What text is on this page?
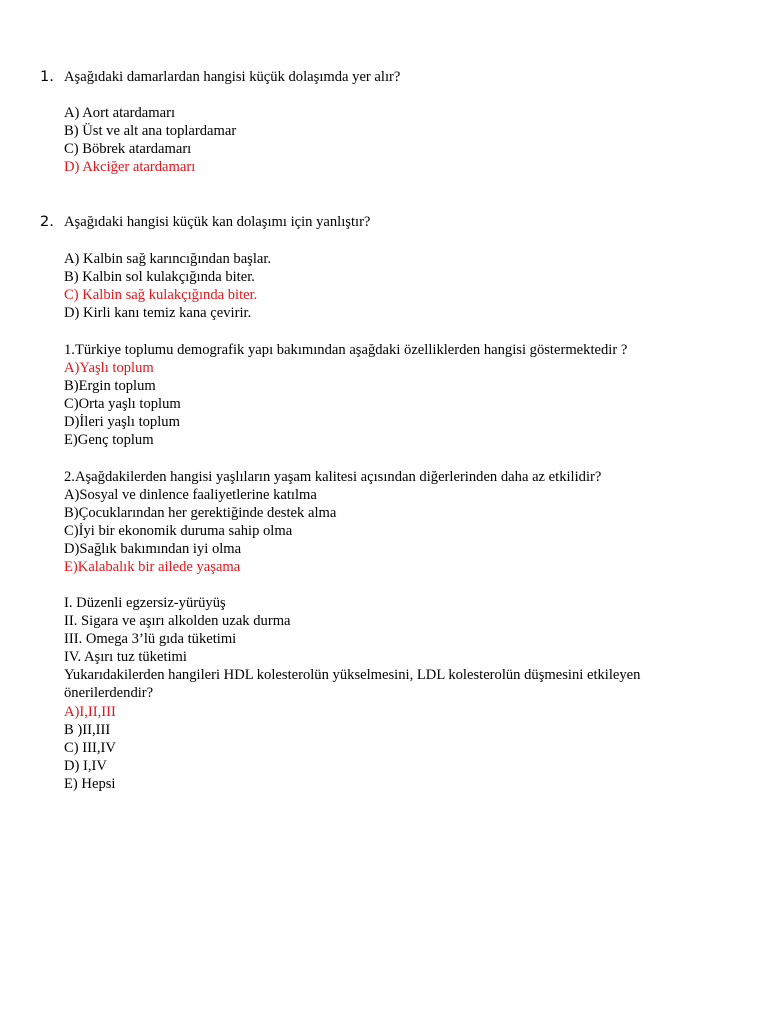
1. Aşağıdaki damarlardan hangisi küçük dolaşımda yer alır?
A) Aort atardamarı
B) Üst ve alt ana toplardamar
C) Böbrek atardamarı
D) Akciğer atardamarı
2. Aşağıdaki hangisi küçük kan dolaşımı için yanlıştır?
A) Kalbin sağ karıncığından başlar.
B) Kalbin sol kulakçığında biter.
C) Kalbin sağ kulakçığında biter.
D) Kirli kanı temiz kana çevirir.
1.Türkiye toplumu demografik yapı bakımından aşağdaki özelliklerden hangisi göstermektedir ?
A)Yaşlı toplum
B)Ergin toplum
C)Orta yaşlı toplum
D)İleri yaşlı toplum
E)Genç toplum
2.Aşağdakilerden hangisi yaşlıların yaşam kalitesi açısından diğerlerinden daha az etkilidir?
A)Sosyal ve dinlence faaliyetlerine katılma
B)Çocuklarından her gerektiğinde destek alma
C)İyi bir ekonomik duruma sahip olma
D)Sağlık bakımından iyi olma
E)Kalabalık bir ailede yaşama
I. Düzenli egzersiz-yürüyüş
II. Sigara ve aşırı alkolden uzak durma
III. Omega 3’lü gıda tüketimi
IV. Aşırı tuz tüketimi
Yukarıdakilerden hangileri HDL kolesterolün yükselmesini, LDL kolesterolün düşmesini etkileyen
önerilerdendir?
A)I,II,III
B )II,III
C) III,IV
D) I,IV
E) Hepsi
